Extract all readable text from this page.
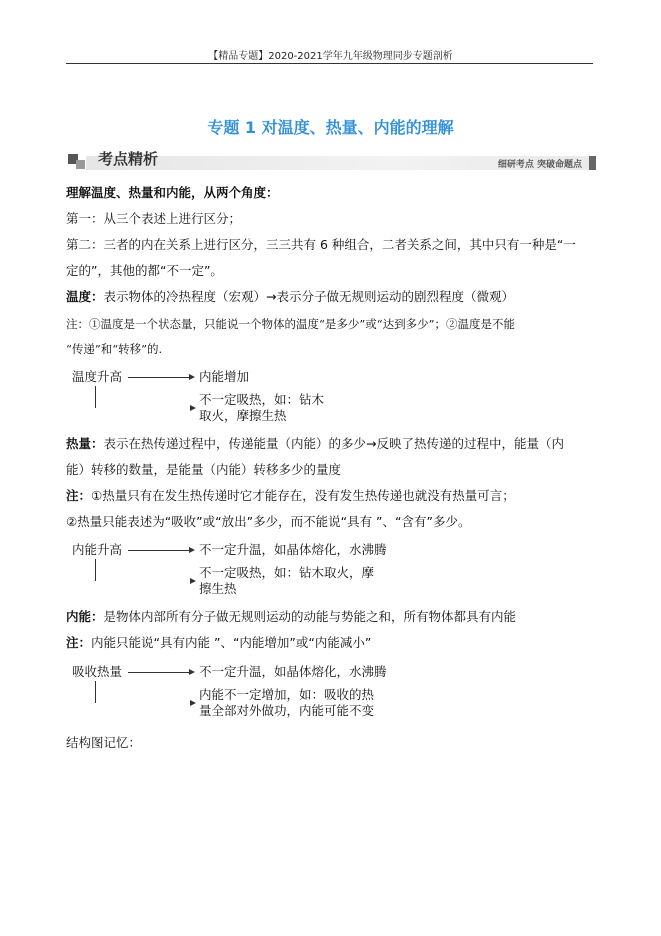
【精品专题】2020-2021学年九年级物理同步专题剖析
专题 1 对温度、热量、内能的理解
考点精析	细研考点 突破命题点
理解温度、热量和内能，从两个角度：
第一：从三个表述上进行区分；
第二：三者的内在关系上进行区分，三三共有 6 种组合，二者关系之间，其中只有一种是“一
定的”，其他的都“不一定”。
温度：表示物体的冷热程度（宏观）→表示分子做无规则运动的剧烈程度（微观）
注：①温度是一个状态量，只能说一个物体的温度“是多少”或“达到多少”；②温度是不能
“传递”和“转移”的.
温度升高	内能增加
不一定吸热，如：钻木
取火，摩擦生热
热量：表示在热传递过程中，传递能量（内能）的多少→反映了热传递的过程中，能量（内
能）转移的数量，是能量（内能）转移多少的量度
注：①热量只有在发生热传递时它才能存在，没有发生热传递也就没有热量可言；
②热量只能表述为“吸收”或“放出”多少，而不能说“具有 ”、“含有”多少。
内能升高	不一定升温，如晶体熔化，水沸腾
不一定吸热，如：钻木取火，摩
擦生热
内能：是物体内部所有分子做无规则运动的动能与势能之和，所有物体都具有内能
注：内能只能说“具有内能 ”、“内能增加”或“内能减小”
吸收热量	不一定升温，如晶体熔化，水沸腾
内能不一定增加，如：吸收的热
量全部对外做功，内能可能不变
结构图记忆：
